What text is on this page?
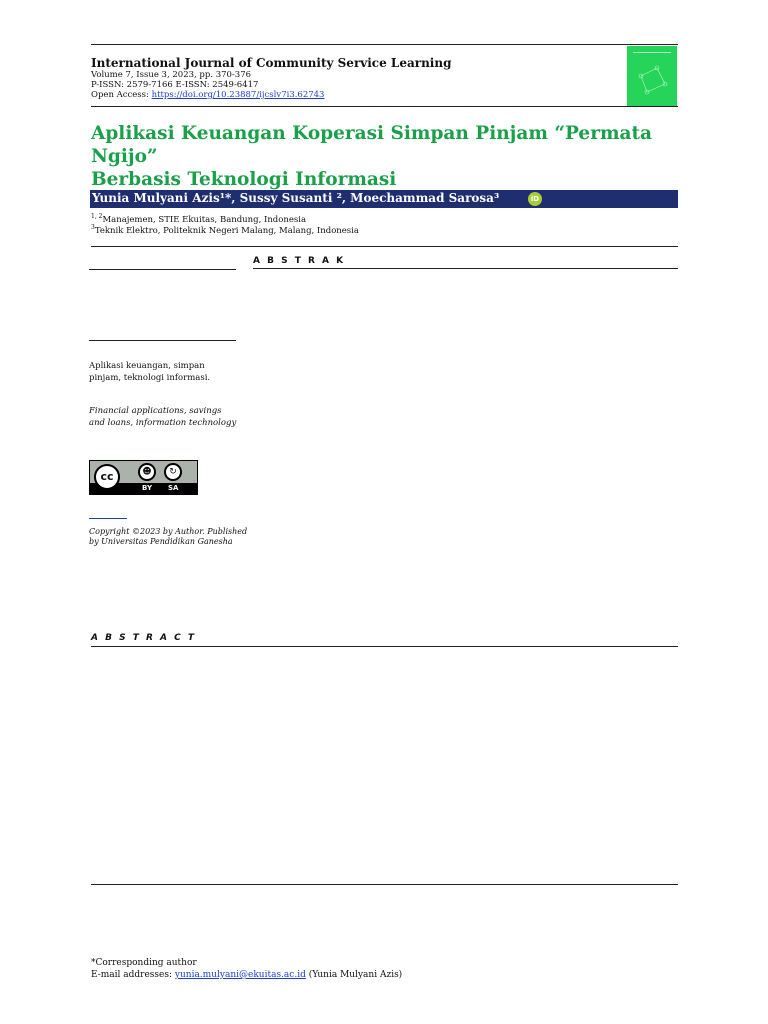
International Journal of Community Service Learning
Volume 7, Issue 3, 2023, pp. 370-376
P-ISSN: 2579-7166 E-ISSN: 2549-6417
Open Access: https://doi.org/10.23887/ijcslv7i3.62743
Aplikasi Keuangan Koperasi Simpan Pinjam “Permata Ngijo”
Berbasis Teknologi Informasi
Yunia Mulyani Azis¹*, Sussy Susanti ², Moechammad Sarosa³	iD
$^{1, 2}$Manajemen, STIE Ekuitas, Bandung, Indonesia
$^3$Teknik Elektro, Politeknik Negeri Malang, Malang, Indonesia
A B S T R A K
Aplikasi keuangan, simpan pinjam, teknologi informasi.
Financial applications, savings and loans, information technology
cc	☻	↻
BY SA
Copyright ©2023 by Author. Published by Universitas Pendidikan Ganesha
A B S T R A C T
*Corresponding author
E-mail addresses: yunia.mulyani@ekuitas.ac.id (Yunia Mulyani Azis)
